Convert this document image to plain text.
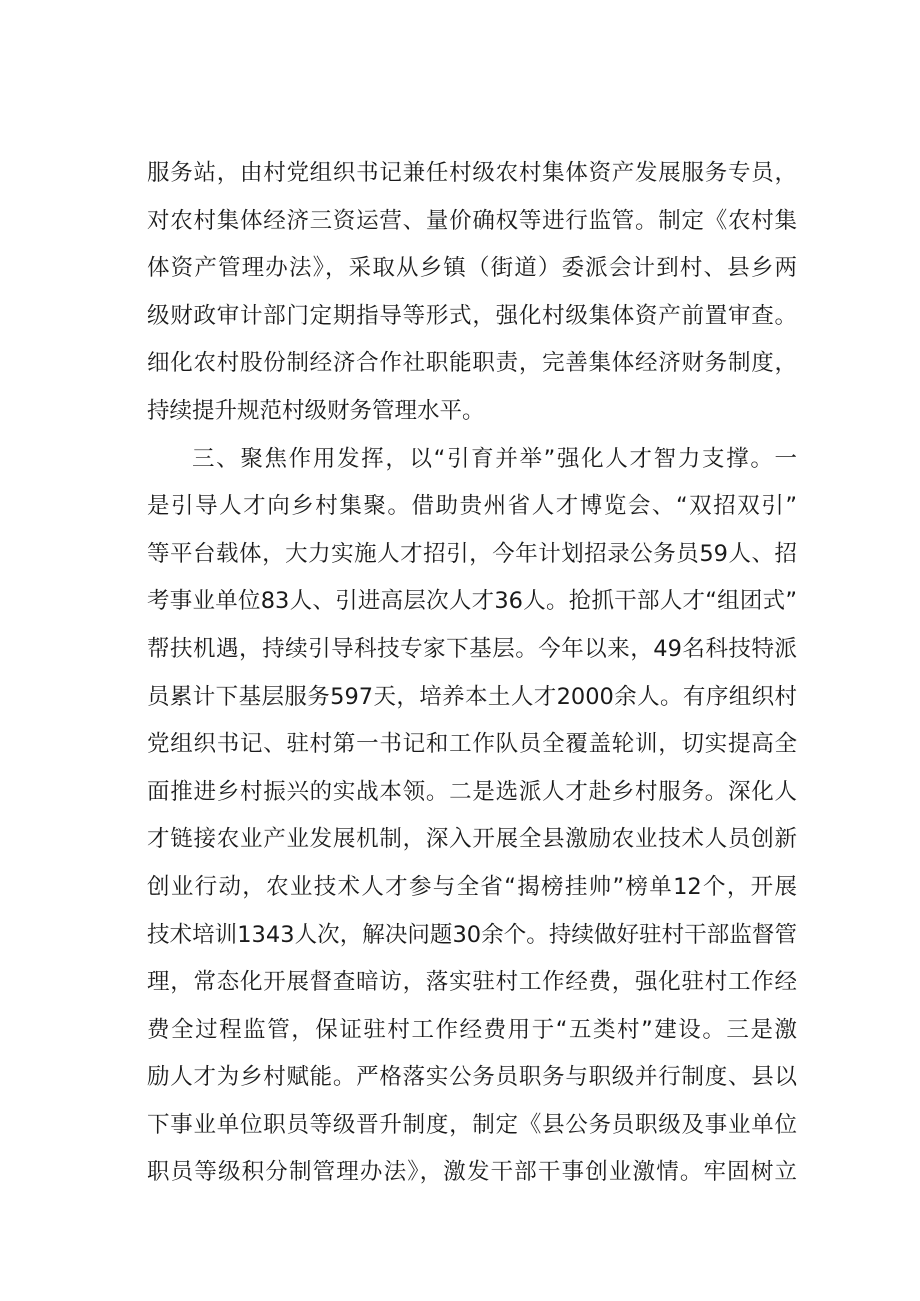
服务站，由村党组织书记兼任村级农村集体资产发展服务专员，
对农村集体经济三资运营、量价确权等进行监管。制定《农村集
体资产管理办法》，采取从乡镇（街道）委派会计到村、县乡两
级财政审计部门定期指导等形式，强化村级集体资产前置审查。
细化农村股份制经济合作社职能职责，完善集体经济财务制度，
持续提升规范村级财务管理水平。
三、聚焦作用发挥，以“引育并举”强化人才智力支撑。一
是引导人才向乡村集聚。借助贵州省人才博览会、“双招双引”
等平台载体，大力实施人才招引，今年计划招录公务员59人、招
考事业单位83人、引进高层次人才36人。抢抓干部人才“组团式”
帮扶机遇，持续引导科技专家下基层。今年以来，49名科技特派
员累计下基层服务597天，培养本土人才2000余人。有序组织村
党组织书记、驻村第一书记和工作队员全覆盖轮训，切实提高全
面推进乡村振兴的实战本领。二是选派人才赴乡村服务。深化人
才链接农业产业发展机制，深入开展全县激励农业技术人员创新
创业行动，农业技术人才参与全省“揭榜挂帅”榜单12个，开展
技术培训1343人次，解决问题30余个。持续做好驻村干部监督管
理，常态化开展督查暗访，落实驻村工作经费，强化驻村工作经
费全过程监管，保证驻村工作经费用于“五类村”建设。三是激
励人才为乡村赋能。严格落实公务员职务与职级并行制度、县以
下事业单位职员等级晋升制度，制定《县公务员职级及事业单位
职员等级积分制管理办法》，激发干部干事创业激情。牢固树立
